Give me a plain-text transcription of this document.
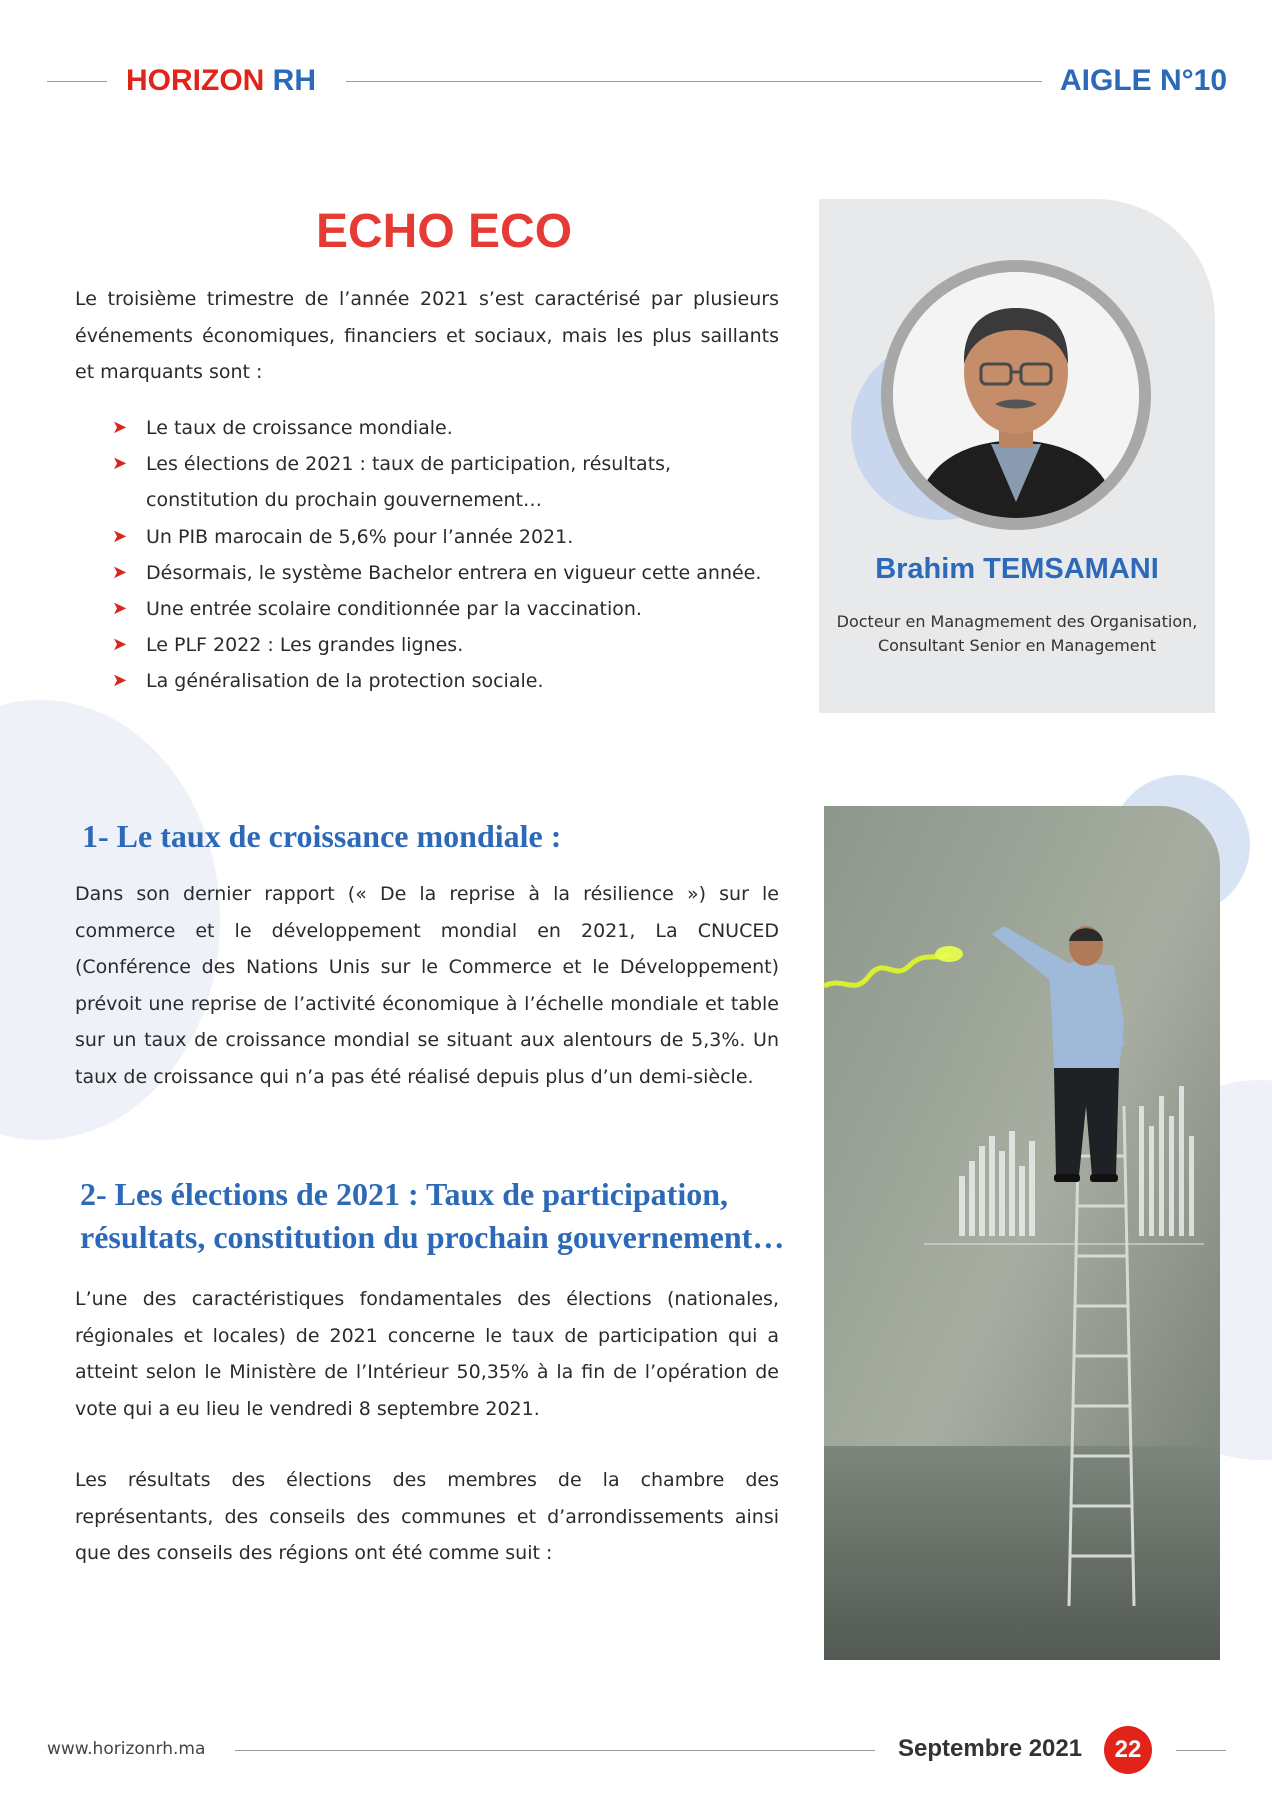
HORIZON RH	AIGLE N°10
ECHO ECO

Le troisième trimestre de l’année 2021 s’est caractérisé par plusieurs événements économiques, financiers et sociaux, mais les plus saillants et marquants sont :

➤ Le taux de croissance mondiale.
➤ Les élections de 2021 : taux de participation, résultats, constitution du prochain gouvernement…
➤ Un PIB marocain de 5,6% pour l’année 2021.
➤ Désormais, le système Bachelor entrera en vigueur cette année.
➤ Une entrée scolaire conditionnée par la vaccination.
➤ Le PLF 2022 : Les grandes lignes.
➤ La généralisation de la protection sociale.
Brahim TEMSAMANI
Docteur en Managmement des Organisation,
Consultant Senior en Management
1- Le taux de croissance mondiale :

Dans son dernier rapport (« De la reprise à la résilience ») sur le commerce et le développement mondial en 2021, La CNUCED (Conférence des Nations Unis sur le Commerce et le Développement) prévoit une reprise de l’activité économique à l’échelle mondiale et table sur un taux de croissance mondial se situant aux alentours de 5,3%. Un taux de croissance qui n’a pas été réalisé depuis plus d’un demi-siècle.

2- Les élections de 2021 : Taux de participation,
résultats, constitution du prochain gouvernement…

L’une des caractéristiques fondamentales des élections (nationales, régionales et locales) de 2021 concerne le taux de participation qui a atteint selon le Ministère de l’Intérieur 50,35% à la fin de l’opération de vote qui a eu lieu le vendredi 8 septembre 2021.

Les résultats des élections des membres de la chambre des représentants, des conseils des communes et d’arrondissements ainsi que des conseils des régions ont été comme suit :

www.horizonrh.ma	Septembre 2021	22
